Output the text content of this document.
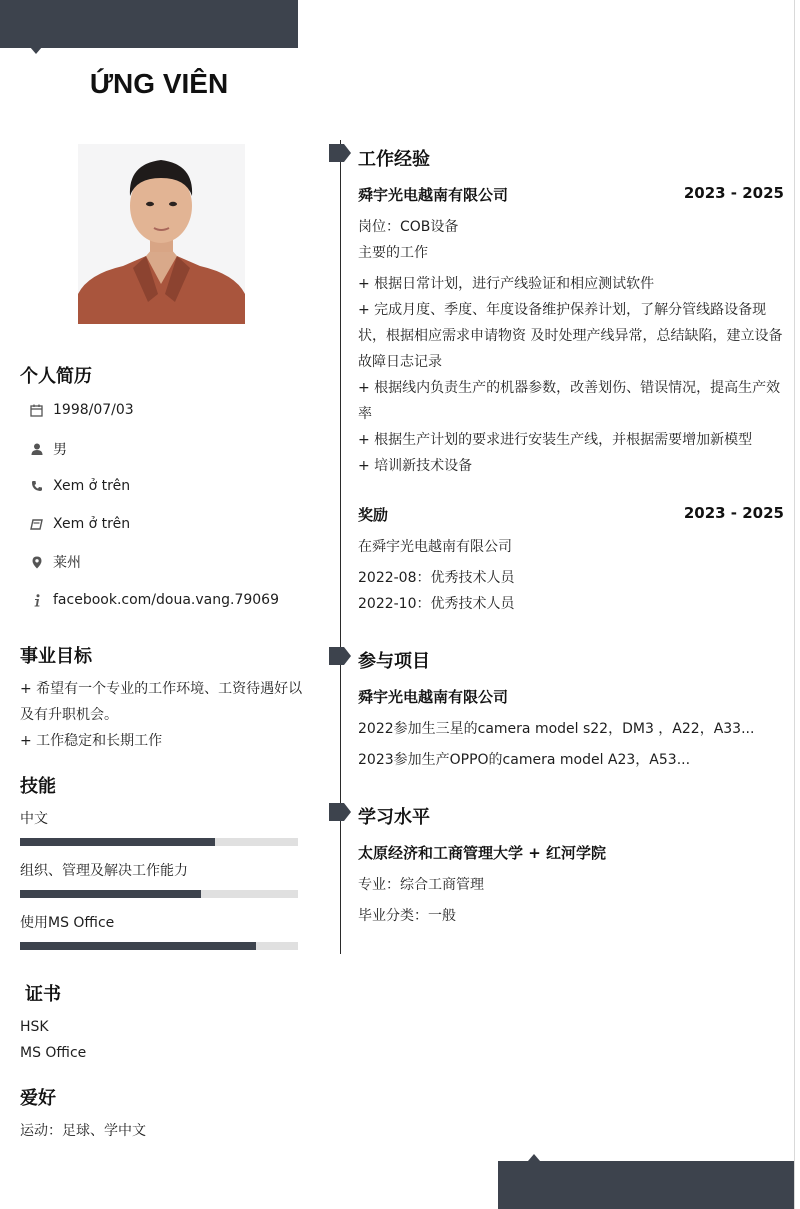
ỨNG VIÊN
个人简历
1998/07/03
男
Xem ở trên
Xem ở trên
莱州
facebook.com/doua.vang.79069
事业目标
+ 希望有一个专业的工作环境、工资待遇好以
及有升职机会。
+ 工作稳定和长期工作
技能
中文
组织、管理及解决工作能力
使用MS Office
证书
HSK
MS Office
爱好
运动：足球、学中文
工作经验
舜宇光电越南有限公司	2023 - 2025
岗位：COB设备
主要的工作
+ 根据日常计划，进行产线验证和相应测试软件
+ 完成月度、季度、年度设备维护保养计划，了解分管线路设备现
状，根据相应需求申请物资 及时处理产线异常，总结缺陷，建立设备
故障日志记录
+ 根据线内负责生产的机器参数，改善划伤、错误情况，提高生产效
率
+ 根据生产计划的要求进行安装生产线，并根据需要增加新模型
+ 培训新技术设备
奖励	2023 - 2025
在舜宇光电越南有限公司
2022-08：优秀技术人员
2022-10：优秀技术人员
参与项目
舜宇光电越南有限公司
2022参加生三星的camera model s22，DM3 ，A22，A33...
2023参加生产OPPO的camera model A23，A53...
学习水平
太原经济和工商管理大学 + 红河学院
专业：综合工商管理
毕业分类：一般
